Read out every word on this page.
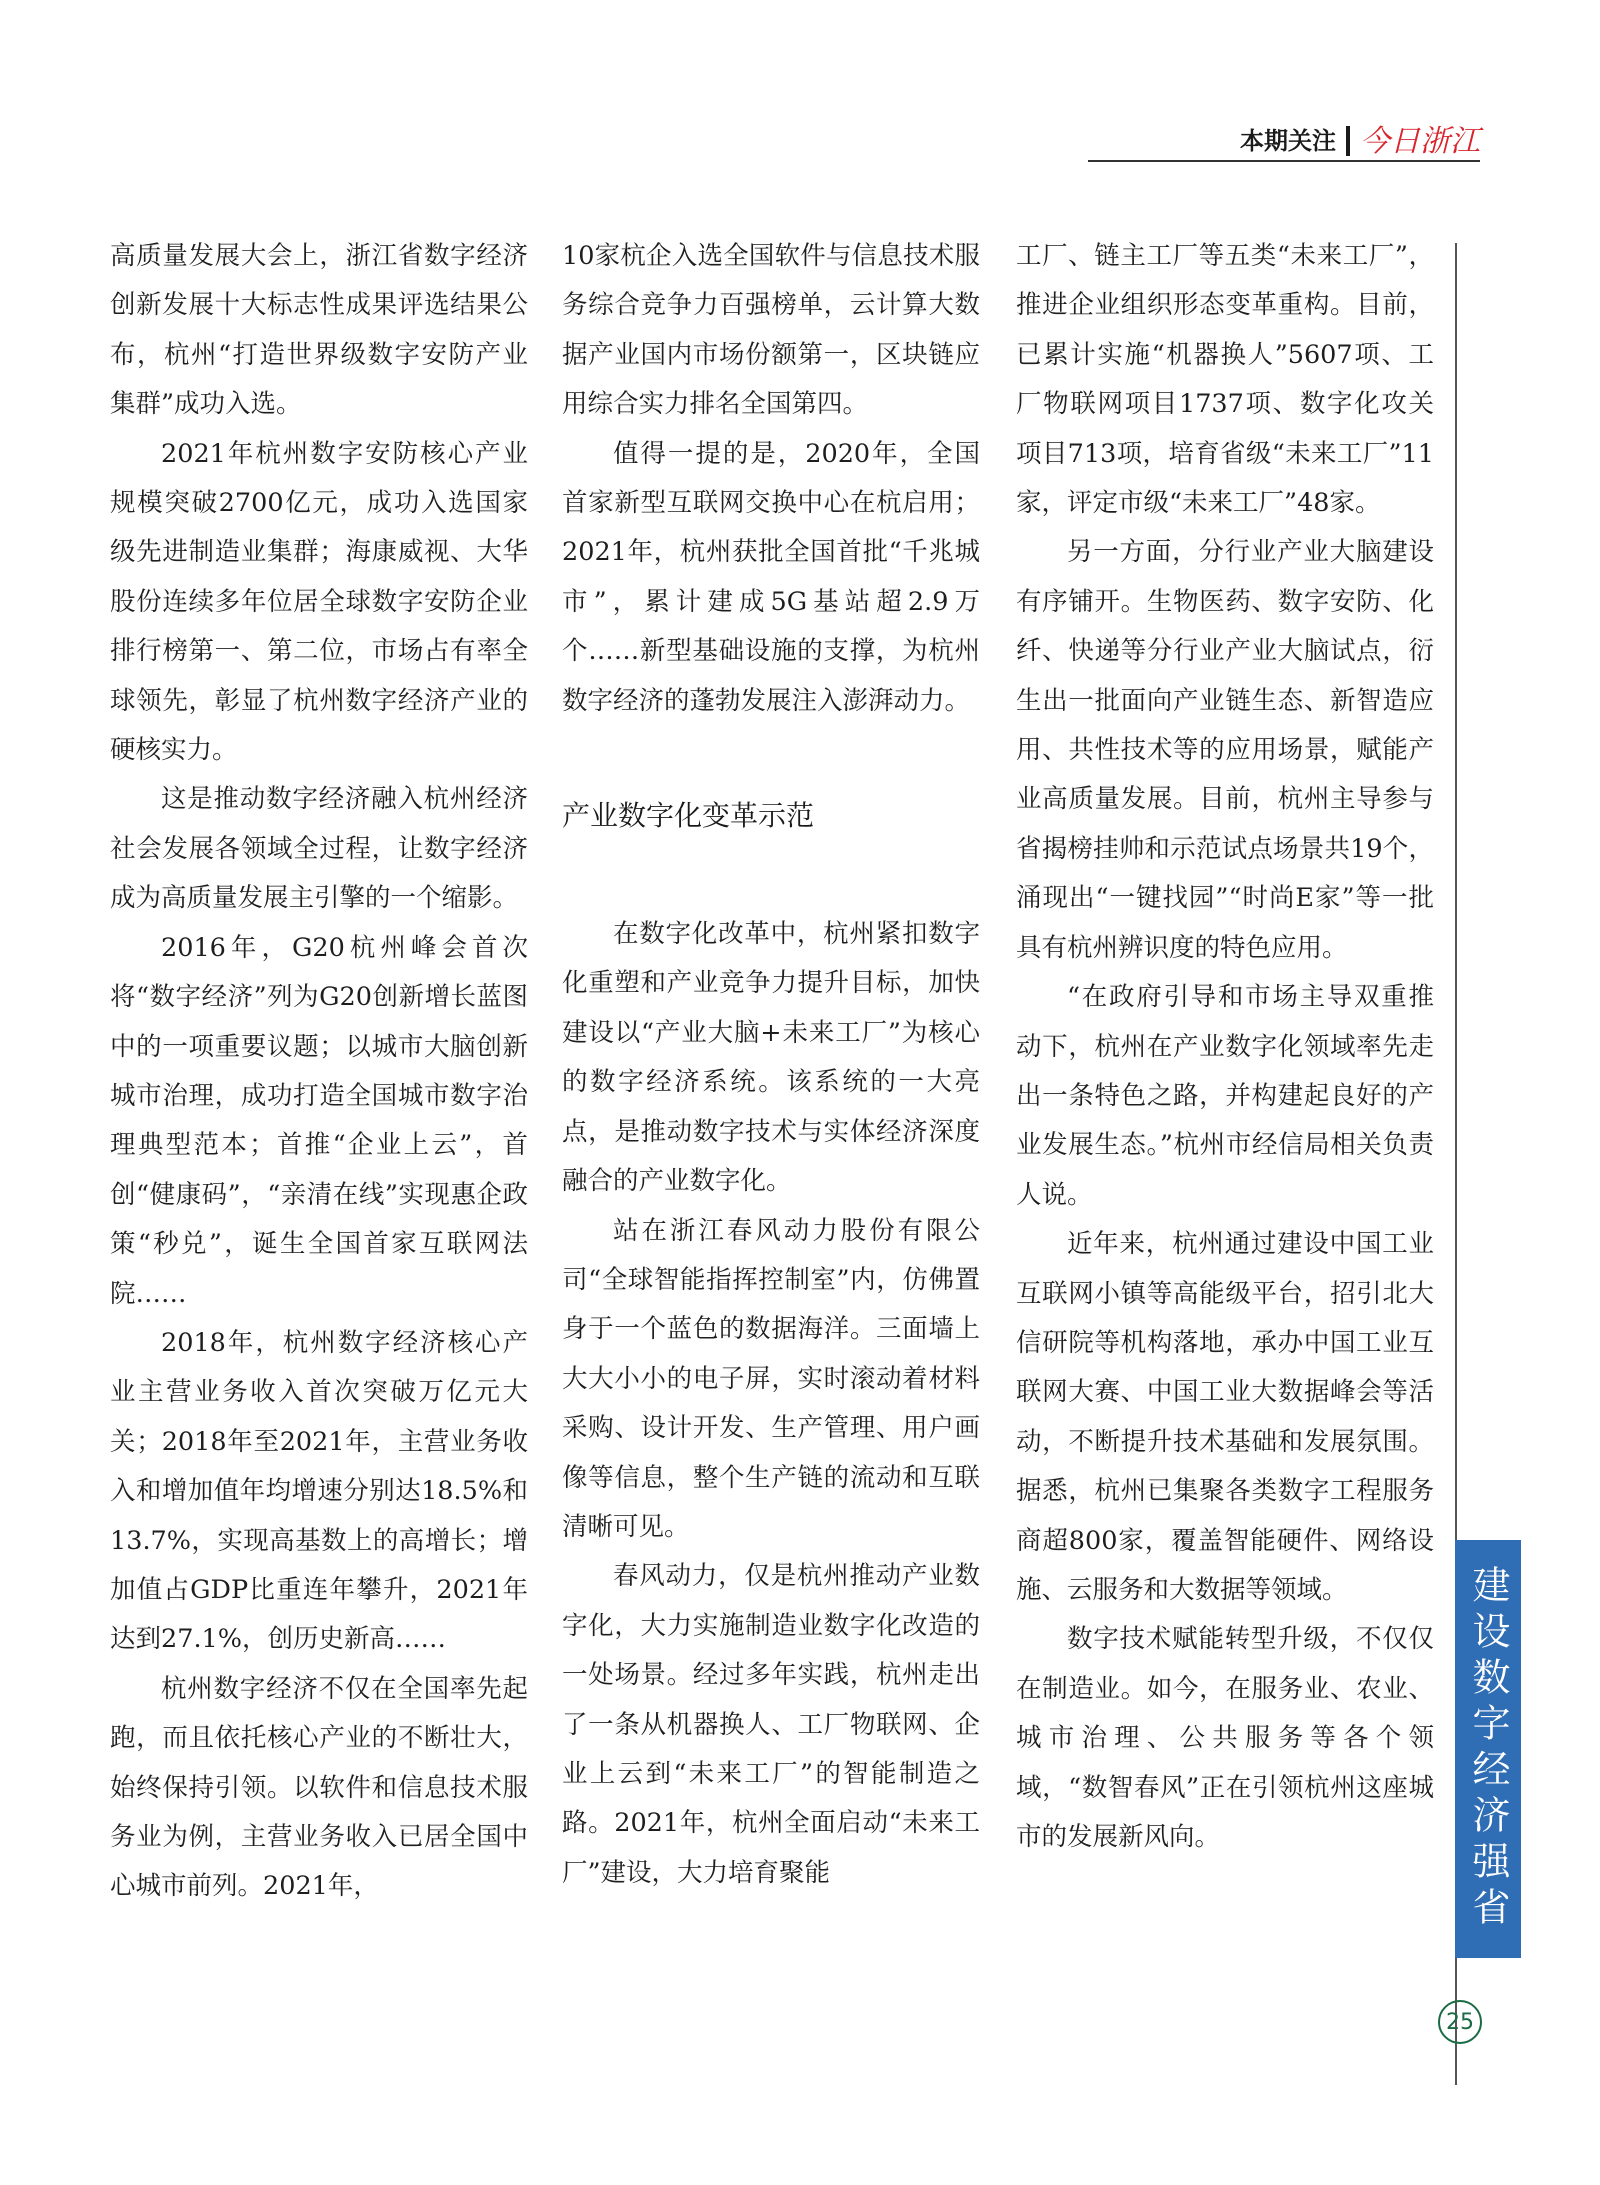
本期关注 今日浙江

高质量发展大会上，浙江省数字经济创新发展十大标志性成果评选结果公布，杭州“打造世界级数字安防产业集群”成功入选。

2021年杭州数字安防核心产业规模突破2700亿元，成功入选国家级先进制造业集群；海康威视、大华股份连续多年位居全球数字安防企业排行榜第一、第二位，市场占有率全球领先，彰显了杭州数字经济产业的硬核实力。

这是推动数字经济融入杭州经济社会发展各领域全过程，让数字经济成为高质量发展主引擎的一个缩影。

2016年，G20杭州峰会首次将“数字经济”列为G20创新增长蓝图中的一项重要议题；以城市大脑创新城市治理，成功打造全国城市数字治理典型范本；首推“企业上云”，首创“健康码”，“亲清在线”实现惠企政策“秒兑”，诞生全国首家互联网法院……

2018年，杭州数字经济核心产业主营业务收入首次突破万亿元大关；2018年至2021年，主营业务收入和增加值年均增速分别达18.5%和13.7%，实现高基数上的高增长；增加值占GDP比重连年攀升，2021年达到27.1%，创历史新高……

杭州数字经济不仅在全国率先起跑，而且依托核心产业的不断壮大，始终保持引领。以软件和信息技术服务业为例，主营业务收入已居全国中心城市前列。2021年，

10家杭企入选全国软件与信息技术服务综合竞争力百强榜单，云计算大数据产业国内市场份额第一，区块链应用综合实力排名全国第四。

值得一提的是，2020年，全国首家新型互联网交换中心在杭启用；2021年，杭州获批全国首批“千兆城市”，累计建成5G基站超2.9万个……新型基础设施的支撑，为杭州数字经济的蓬勃发展注入澎湃动力。

产业数字化变革示范

在数字化改革中，杭州紧扣数字化重塑和产业竞争力提升目标，加快建设以“产业大脑+未来工厂”为核心的数字经济系统。该系统的一大亮点，是推动数字技术与实体经济深度融合的产业数字化。

站在浙江春风动力股份有限公司“全球智能指挥控制室”内，仿佛置身于一个蓝色的数据海洋。三面墙上大大小小的电子屏，实时滚动着材料采购、设计开发、生产管理、用户画像等信息，整个生产链的流动和互联清晰可见。

春风动力，仅是杭州推动产业数字化，大力实施制造业数字化改造的一处场景。经过多年实践，杭州走出了一条从机器换人、工厂物联网、企业上云到“未来工厂”的智能制造之路。2021年，杭州全面启动“未来工厂”建设，大力培育聚能

工厂、链主工厂等五类“未来工厂”，推进企业组织形态变革重构。目前，已累计实施“机器换人”5607项、工厂物联网项目1737项、数字化攻关项目713项，培育省级“未来工厂”11家，评定市级“未来工厂”48家。

另一方面，分行业产业大脑建设有序铺开。生物医药、数字安防、化纤、快递等分行业产业大脑试点，衍生出一批面向产业链生态、新智造应用、共性技术等的应用场景，赋能产业高质量发展。目前，杭州主导参与省揭榜挂帅和示范试点场景共19个，涌现出“一键找园”“时尚E家”等一批具有杭州辨识度的特色应用。

“在政府引导和市场主导双重推动下，杭州在产业数字化领域率先走出一条特色之路，并构建起良好的产业发展生态。”杭州市经信局相关负责人说。

近年来，杭州通过建设中国工业互联网小镇等高能级平台，招引北大信研院等机构落地，承办中国工业互联网大赛、中国工业大数据峰会等活动，不断提升技术基础和发展氛围。据悉，杭州已集聚各类数字工程服务商超800家，覆盖智能硬件、网络设施、云服务和大数据等领域。

数字技术赋能转型升级，不仅仅在制造业。如今，在服务业、农业、城市治理、公共服务等各个领域，“数智春风”正在引领杭州这座城市的发展新风向。	建设数字经济强省
25
